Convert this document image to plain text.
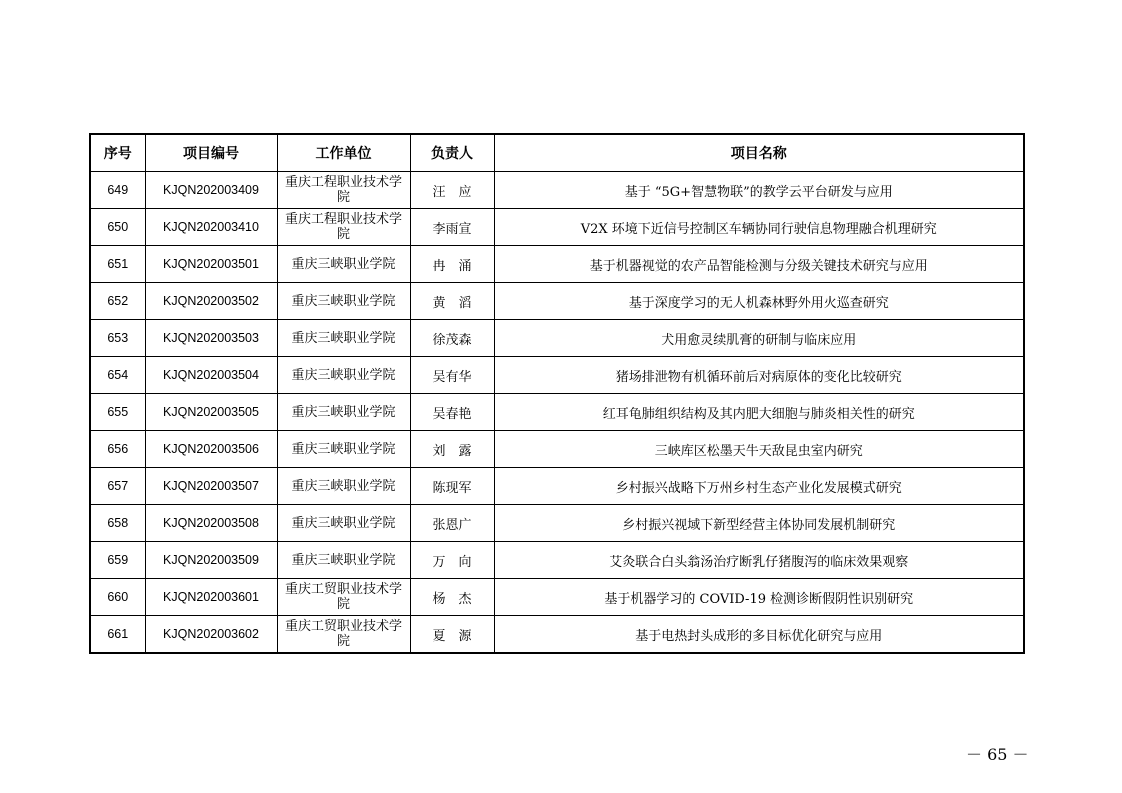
序号	项目编号	工作单位	负责人	项目名称
649	KJQN202003409	重庆工程职业技术学院	汪　应	基于 “5G+智慧物联”的教学云平台研发与应用
650	KJQN202003410	重庆工程职业技术学院	李雨宣	V2X 环境下近信号控制区车辆协同行驶信息物理融合机理研究
651	KJQN202003501	重庆三峡职业学院	冉　涌	基于机器视觉的农产品智能检测与分级关键技术研究与应用
652	KJQN202003502	重庆三峡职业学院	黄　滔	基于深度学习的无人机森林野外用火巡查研究
653	KJQN202003503	重庆三峡职业学院	徐茂森	犬用愈灵续肌膏的研制与临床应用
654	KJQN202003504	重庆三峡职业学院	吴有华	猪场排泄物有机循环前后对病原体的变化比较研究
655	KJQN202003505	重庆三峡职业学院	吴春艳	红耳龟肺组织结构及其内肥大细胞与肺炎相关性的研究
656	KJQN202003506	重庆三峡职业学院	刘　露	三峡库区松墨天牛天敌昆虫室内研究
657	KJQN202003507	重庆三峡职业学院	陈现军	乡村振兴战略下万州乡村生态产业化发展模式研究
658	KJQN202003508	重庆三峡职业学院	张恩广	乡村振兴视域下新型经营主体协同发展机制研究
659	KJQN202003509	重庆三峡职业学院	万　向	艾灸联合白头翁汤治疗断乳仔猪腹泻的临床效果观察
660	KJQN202003601	重庆工贸职业技术学院	杨　杰	基于机器学习的 COVID-19 检测诊断假阴性识别研究
661	KJQN202003602	重庆工贸职业技术学院	夏　源	基于电热封头成形的多目标优化研究与应用
－ 65 －
